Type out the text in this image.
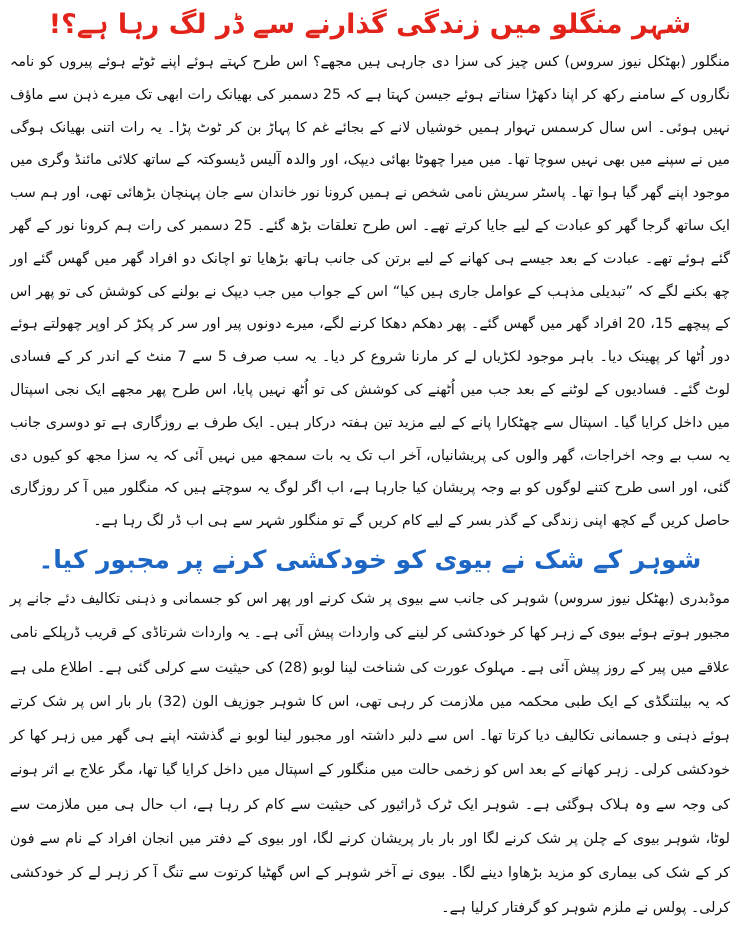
شہر منگلو میں زندگی گذارنے سے ڈر لگ رہا ہے؟!

منگلور (بھٹکل نیوز سروس) کس چیز کی سزا دی جارہی ہیں مجھے؟ اس طرح کہتے ہوئے اپنے ٹوٹے ہوئے پیروں کو نامہ نگاروں کے سامنے رکھ کر اپنا دکھڑا سناتے ہوئے جیسن کہتا ہے کہ 25 دسمبر کی بھیانک رات ابھی تک میرے ذہن سے ماؤف نہیں ہوئی۔ اس سال کرسمس تہوار ہمیں خوشیاں لانے کے بجائے غم کا پہاڑ بن کر ٹوٹ پڑا۔ یہ رات اتنی بھیانک ہوگی میں نے سپنے میں بھی نہیں سوچا تھا۔ میں میرا چھوٹا بھائی دیپک، اور والدہ آلیس ڈیسوکتہ کے ساتھ کلائی مائنڈ وگری میں موجود اپنے گھر گیا ہوا تھا۔ پاسٹر سریش نامی شخص نے ہمیں کرونا نور خاندان سے جان پہنچان بڑھائی تھی، اور ہم سب ایک ساتھ گرجا گھر کو عبادت کے لیے جایا کرتے تھے۔ اس طرح تعلقات بڑھ گئے۔ 25 دسمبر کی رات ہم کرونا نور کے گھر گئے ہوئے تھے۔ عبادت کے بعد جیسے ہی کھانے کے لیے برتن کی جانب ہاتھ بڑھایا تو اچانک دو افراد گھر میں گھس گئے اور چھ بکنے لگے کہ ”تبدیلی مذہب کے عوامل جاری ہیں کیا“ اس کے جواب میں جب دیپک نے بولنے کی کوشش کی تو پھر اس کے پیچھے 15، 20 افراد گھر میں گھس گئے۔ پھر دھکم دھکا کرنے لگے، میرے دونوں پیر اور سر کر پکڑ کر اوپر چھولتے ہوئے دور اُٹھا کر پھینک دیا۔ باہر موجود لکڑیاں لے کر مارنا شروع کر دیا۔ یہ سب صرف 5 سے 7 منٹ کے اندر کر کے فسادی لوٹ گئے۔ فسادیوں کے لوٹنے کے بعد جب میں اُٹھنے کی کوشش کی تو اُٹھ نہیں پایا، اس طرح پھر مجھے ایک نجی اسپتال میں داخل کرایا گیا۔ اسپتال سے چھٹکارا پانے کے لیے مزید تین ہفتہ درکار ہیں۔ ایک طرف بے روزگاری ہے تو دوسری جانب یہ سب بے وجہ اخراجات، گھر والوں کی پریشانیاں، آخر اب تک یہ بات سمجھ میں نہیں آئی کہ یہ سزا مجھ کو کیوں دی گئی، اور اسی طرح کتنے لوگوں کو بے وجہ پریشان کیا جارہا ہے، اب اگر لوگ یہ سوچتے ہیں کہ منگلور میں آ کر روزگاری حاصل کریں گے کچھ اپنی زندگی کے گذر بسر کے لیے کام کریں گے تو منگلور شہر سے ہی اب ڈر لگ رہا ہے۔

شوہر کے شک نے بیوی کو خودکشی کرنے پر مجبور کیا۔

موڈبدری (بھٹکل نیوز سروس) شوہر کی جانب سے بیوی پر شک کرنے اور پھر اس کو جسمانی و ذہنی تکالیف دئے جانے پر مجبور ہوتے ہوئے بیوی کے زہر کھا کر خودکشی کر لینے کی واردات پیش آئی ہے۔ یہ واردات شرتاڈی کے قریب ڈرپلکے نامی علاقے میں پیر کے روز پیش آئی ہے۔ مہلوک عورت کی شناخت لینا لوبو (28) کی حیثیت سے کرلی گئی ہے۔ اطلاع ملی ہے کہ یہ بیلتنگڈی کے ایک طبی محکمہ میں ملازمت کر رہی تھی، اس کا شوہر جوزیف الون (32) بار بار اس پر شک کرتے ہوئے ذہنی و جسمانی تکالیف دیا کرتا تھا۔ اس سے دلبر داشتہ اور مجبور لینا لوبو نے گذشتہ اپنے ہی گھر میں زہر کھا کر خودکشی کرلی۔ زہر کھانے کے بعد اس کو زخمی حالت میں منگلور کے اسپتال میں داخل کرایا گیا تھا، مگر علاج بے اثر ہونے کی وجہ سے وہ ہلاک ہوگئی ہے۔ شوہر ایک ٹرک ڈرائیور کی حیثیت سے کام کر رہا ہے، اب حال ہی میں ملازمت سے لوٹا، شوہر بیوی کے چلن پر شک کرنے لگا اور بار بار پریشان کرنے لگا، اور بیوی کے دفتر میں انجان افراد کے نام سے فون کر کے شک کی بیماری کو مزید بڑھاوا دینے لگا۔ بیوی نے آخر شوہر کے اس گھٹیا کرتوت سے تنگ آ کر زہر لے کر خودکشی کرلی۔ پولس نے ملزم شوہر کو گرفتار کرلیا ہے۔
